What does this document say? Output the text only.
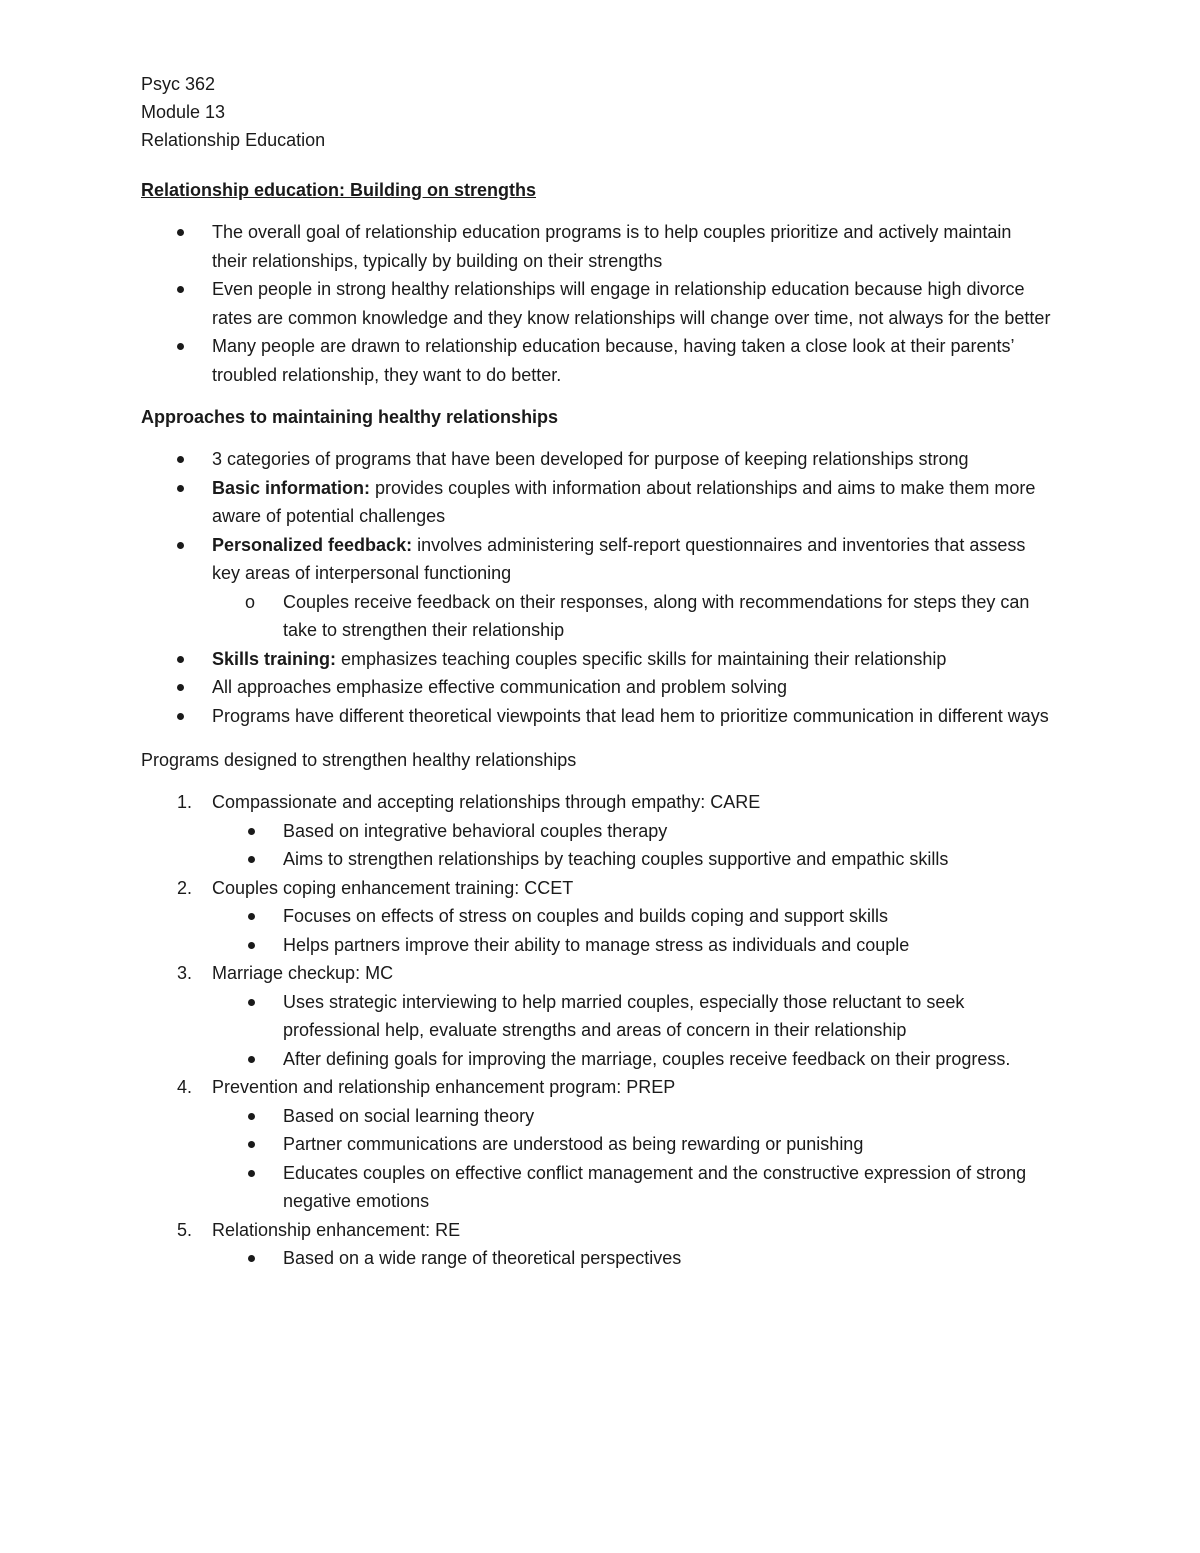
Psyc 362
Module 13
Relationship Education
Relationship education: Building on strengths
The overall goal of relationship education programs is to help couples prioritize and actively maintain their relationships, typically by building on their strengths
Even people in strong healthy relationships will engage in relationship education because high divorce rates are common knowledge and they know relationships will change over time, not always for the better
Many people are drawn to relationship education because, having taken a close look at their parents’ troubled relationship, they want to do better.
Approaches to maintaining healthy relationships
3 categories of programs that have been developed for purpose of keeping relationships strong
Basic information: provides couples with information about relationships and aims to make them more aware of potential challenges
Personalized feedback: involves administering self-report questionnaires and inventories that assess key areas of interpersonal functioning
o Couples receive feedback on their responses, along with recommendations for steps they can take to strengthen their relationship
Skills training: emphasizes teaching couples specific skills for maintaining their relationship
All approaches emphasize effective communication and problem solving
Programs have different theoretical viewpoints that lead hem to prioritize communication in different ways
Programs designed to strengthen healthy relationships
1. Compassionate and accepting relationships through empathy: CARE
Based on integrative behavioral couples therapy
Aims to strengthen relationships by teaching couples supportive and empathic skills
2. Couples coping enhancement training: CCET
Focuses on effects of stress on couples and builds coping and support skills
Helps partners improve their ability to manage stress as individuals and couple
3. Marriage checkup: MC
Uses strategic interviewing to help married couples, especially those reluctant to seek professional help, evaluate strengths and areas of concern in their relationship
After defining goals for improving the marriage, couples receive feedback on their progress.
4. Prevention and relationship enhancement program: PREP
Based on social learning theory
Partner communications are understood as being rewarding or punishing
Educates couples on effective conflict management and the constructive expression of strong negative emotions
5. Relationship enhancement: RE
Based on a wide range of theoretical perspectives
